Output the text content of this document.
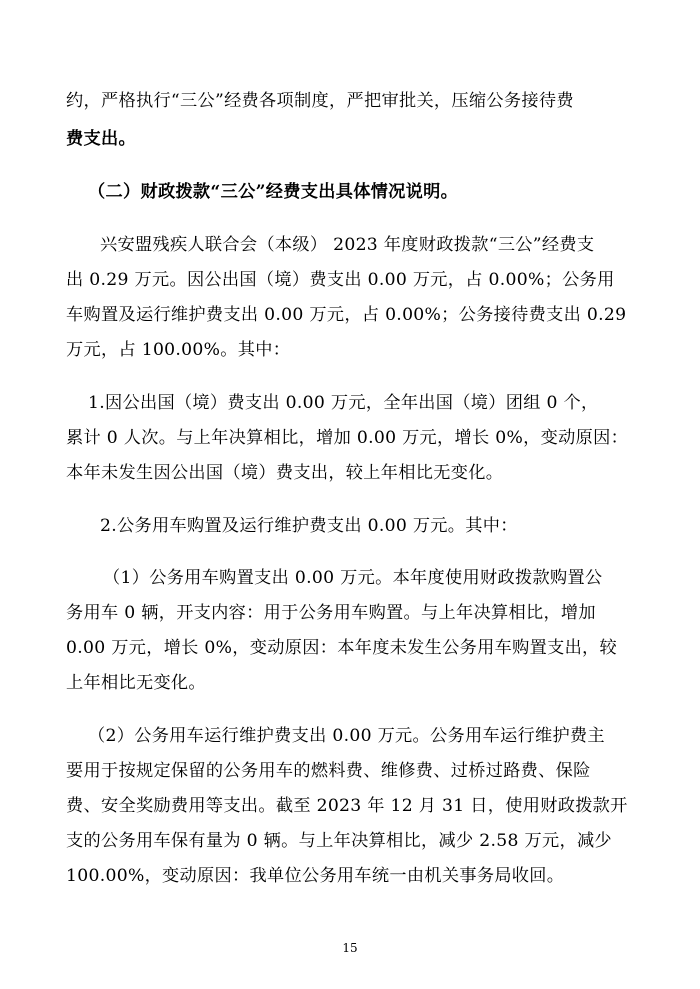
约，严格执行“三公”经费各项制度，严把审批关，压缩公务接待费
费支出。
（二）财政拨款“三公”经费支出具体情况说明。
兴安盟残疾人联合会（本级） 2023 年度财政拨款“三公”经费支
出 0.29 万元。因公出国（境）费支出 0.00 万元，占 0.00%；公务用
车购置及运行维护费支出 0.00 万元，占 0.00%；公务接待费支出 0.29
万元，占 100.00%。其中：
1.因公出国（境）费支出 0.00 万元，全年出国（境）团组 0 个，
累计 0 人次。与上年决算相比，增加 0.00 万元，增长 0%，变动原因：
本年未发生因公出国（境）费支出，较上年相比无变化。
2.公务用车购置及运行维护费支出 0.00 万元。其中：
（1）公务用车购置支出 0.00 万元。本年度使用财政拨款购置公
务用车 0 辆，开支内容：用于公务用车购置。与上年决算相比，增加
0.00 万元，增长 0%，变动原因：本年度未发生公务用车购置支出，较
上年相比无变化。
（2）公务用车运行维护费支出 0.00 万元。公务用车运行维护费主
要用于按规定保留的公务用车的燃料费、维修费、过桥过路费、保险
费、安全奖励费用等支出。截至 2023 年 12 月 31 日，使用财政拨款开
支的公务用车保有量为 0 辆。与上年决算相比，减少 2.58 万元，减少
100.00%，变动原因：我单位公务用车统一由机关事务局收回。
15
